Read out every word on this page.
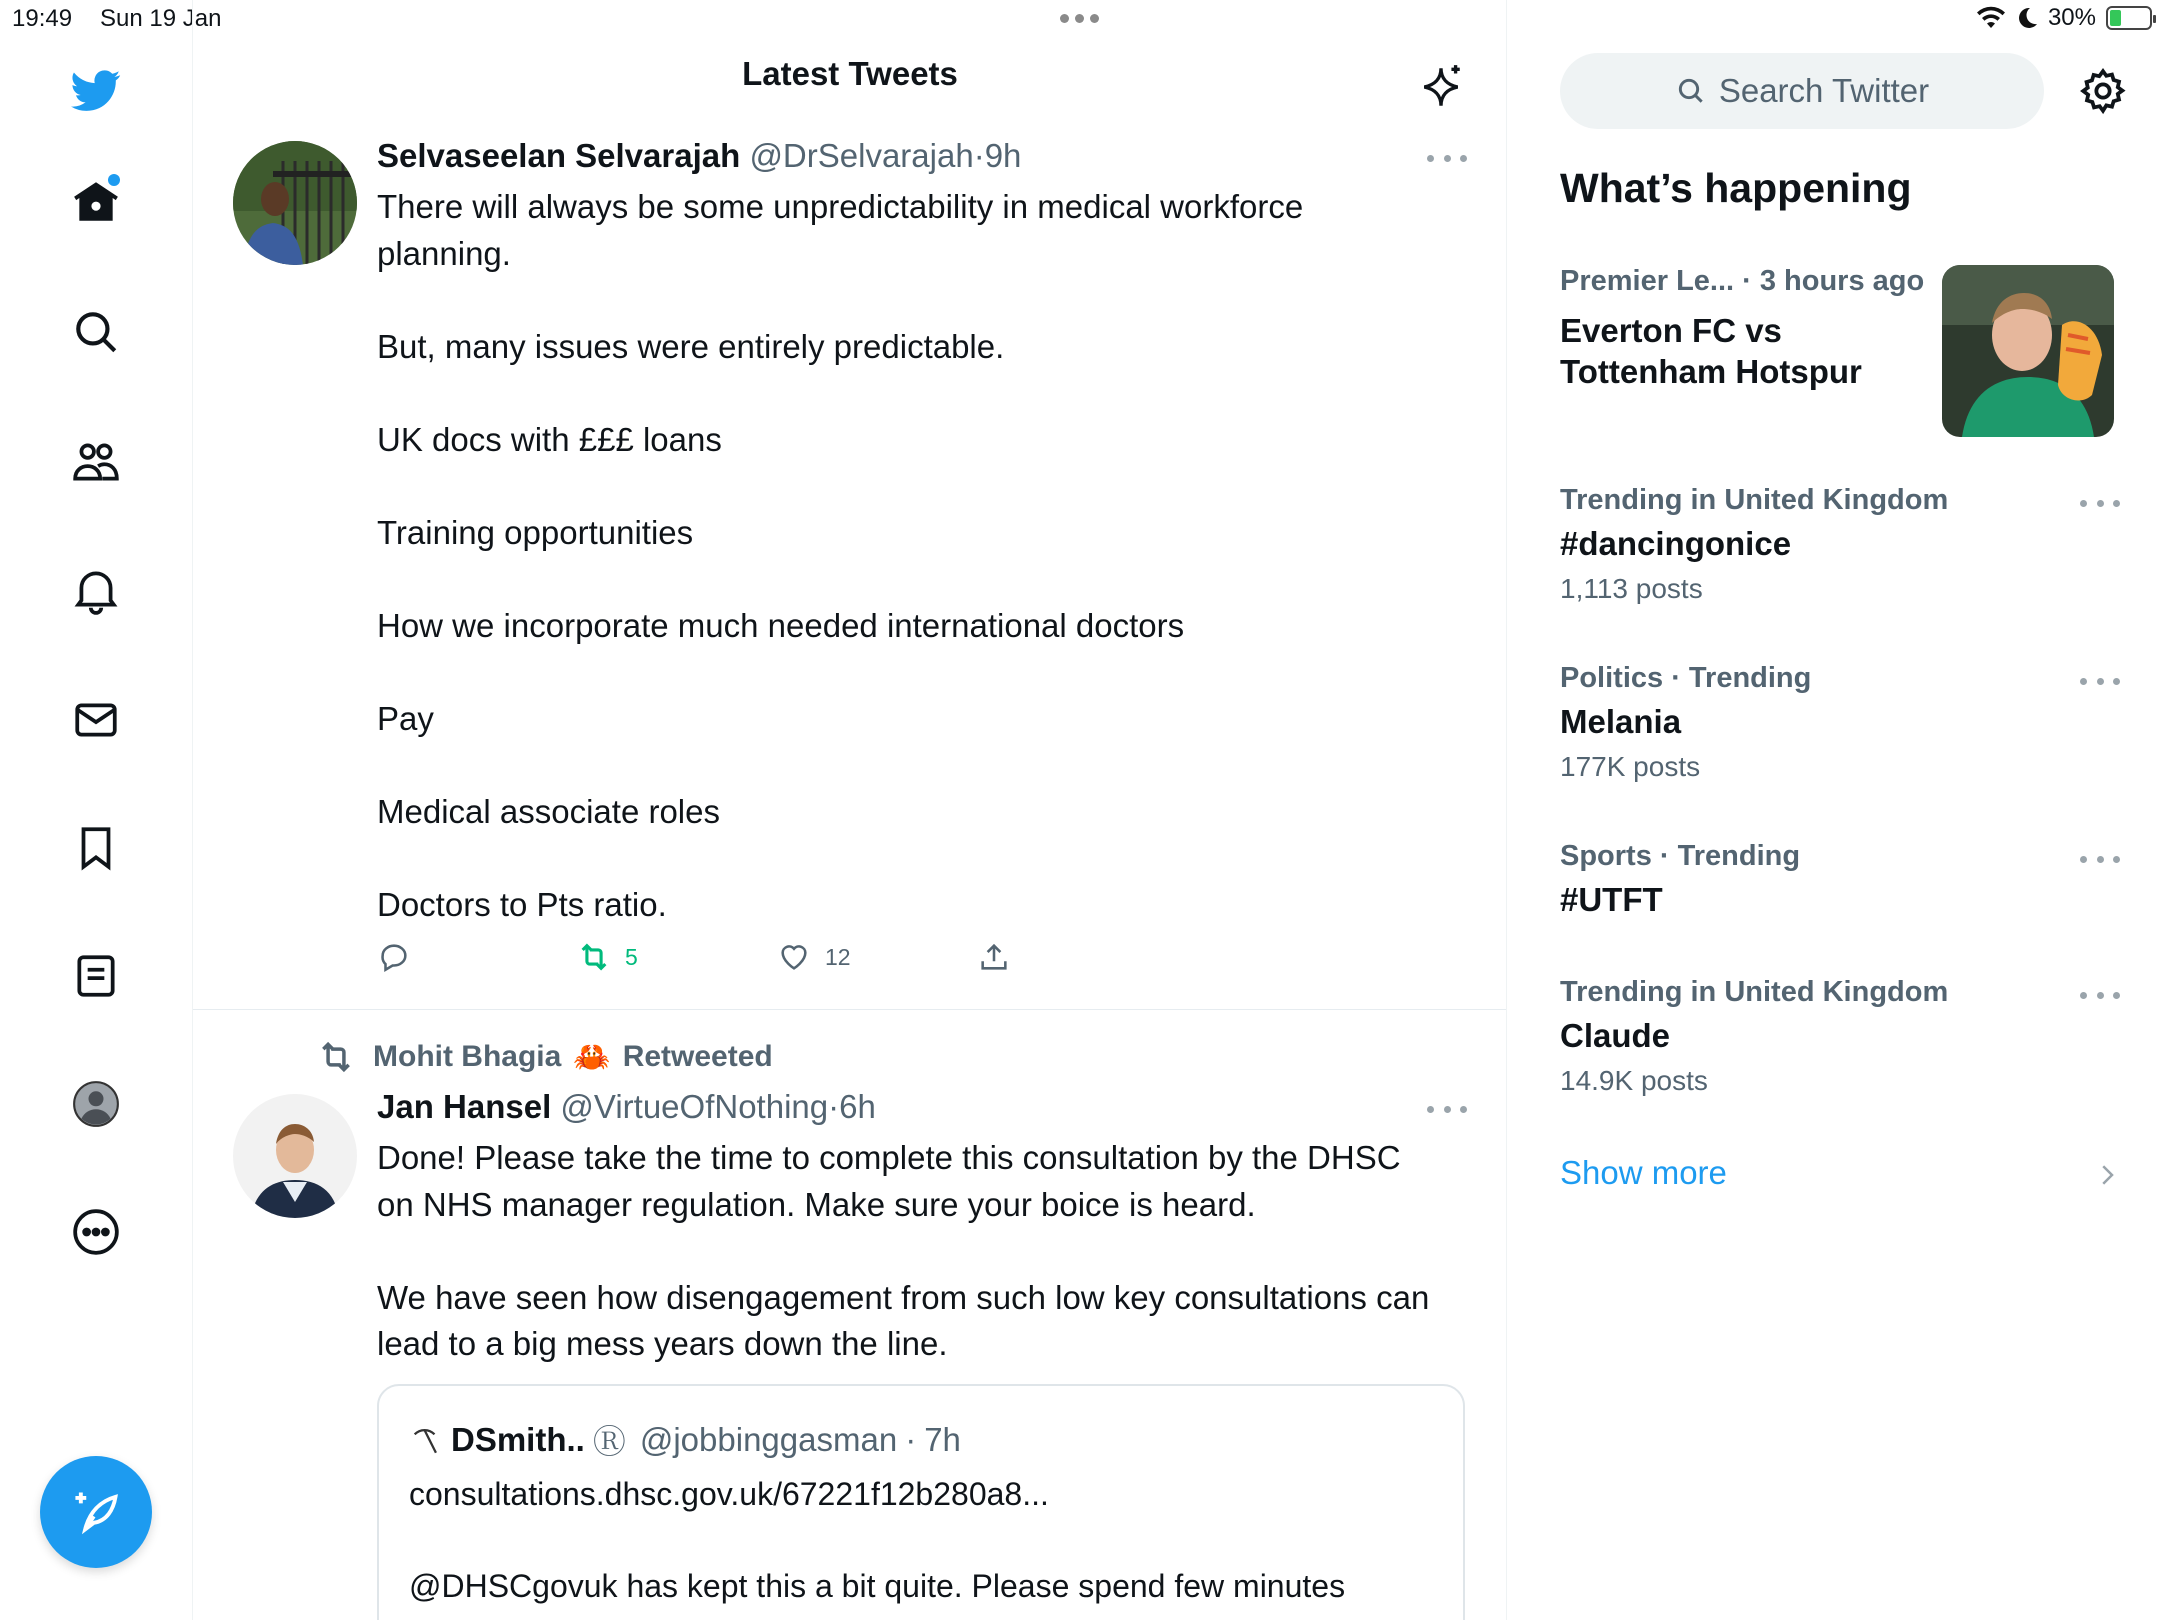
19:49 Sun 19 Jan	30%
Latest Tweets
Selvaseelan Selvarajah @DrSelvarajah·9h
There will always be some unpredictability in medical workforce
planning.

But, many issues were entirely predictable.

UK docs with £££ loans

Training opportunities

How we incorporate much needed international doctors

Pay

Medical associate roles

Doctors to Pts ratio.
5	12
Mohit Bhagia 🦀 Retweeted
Jan Hansel @VirtueOfNothing·6h
Done! Please take the time to complete this consultation by the DHSC
on NHS manager regulation. Make sure your boice is heard.

We have seen how disengagement from such low key consultations can
lead to a big mess years down the line.
DSmith.. Ⓡ @jobbinggasman · 7h
consultations.dhsc.gov.uk/67221f12b280a8...

@DHSCgovuk has kept this a bit quite. Please spend few minutes
Search Twitter
What’s happening
Premier Le... · 3 hours ago
Everton FC vs
Tottenham Hotspur
Trending in United Kingdom
#dancingonice
1,113 posts
Politics · Trending
Melania
177K posts
Sports · Trending
#UTFT
Trending in United Kingdom
Claude
14.9K posts
Show more
